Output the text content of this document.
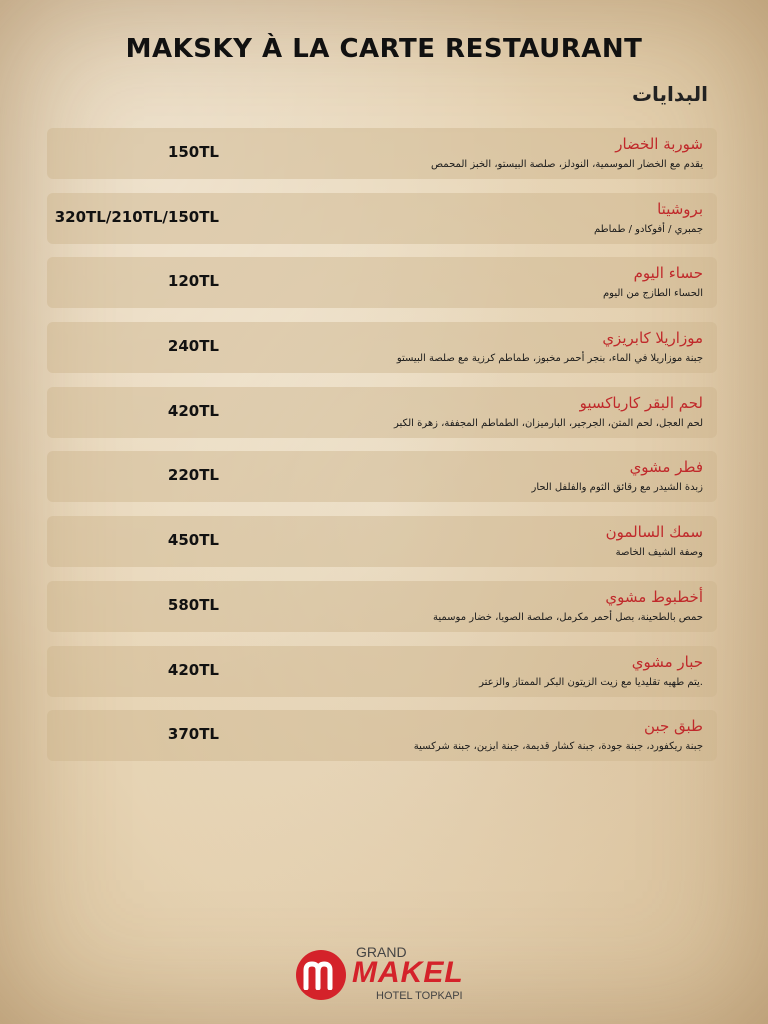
MAKSKY À LA CARTE RESTAURANT
البدايات
150TL	شوربة الخضار
يقدم مع الخضار الموسمية، النودلز، صلصة البيستو، الخبز المحمص
320TL/210TL/150TL	بروشيتا
جمبري / أفوكادو / طماطم
120TL	حساء اليوم
الحساء الطازج من اليوم
240TL	موزاريلا كابريزي
جبنة موزاريلا في الماء، بنجر أحمر مخبوز، طماطم كرزية مع صلصة البيستو
420TL	لحم البقر كارباكسيو
لحم العجل، لحم المتن، الجرجير، البارميزان، الطماطم المجففة، زهرة الكبر
220TL	فطر مشوي
زبدة الشيدر مع رقائق الثوم والفلفل الحار
450TL	سمك السالمون
وصفة الشيف الخاصة
580TL	أخطبوط مشوي
حمص بالطحينة، بصل أحمر مكرمل، صلصة الصويا، خضار موسمية
420TL	حبار مشوي
.يتم طهيه تقليديا مع زيت الزيتون البكر الممتاز والزعتر
370TL	طبق جبن
جبنة ريكفورد، جبنة جودة، جبنة كشار قديمة، جبنة ايزين، جبنة شركسية
GRAND
MAKEL
HOTEL TOPKAPI
